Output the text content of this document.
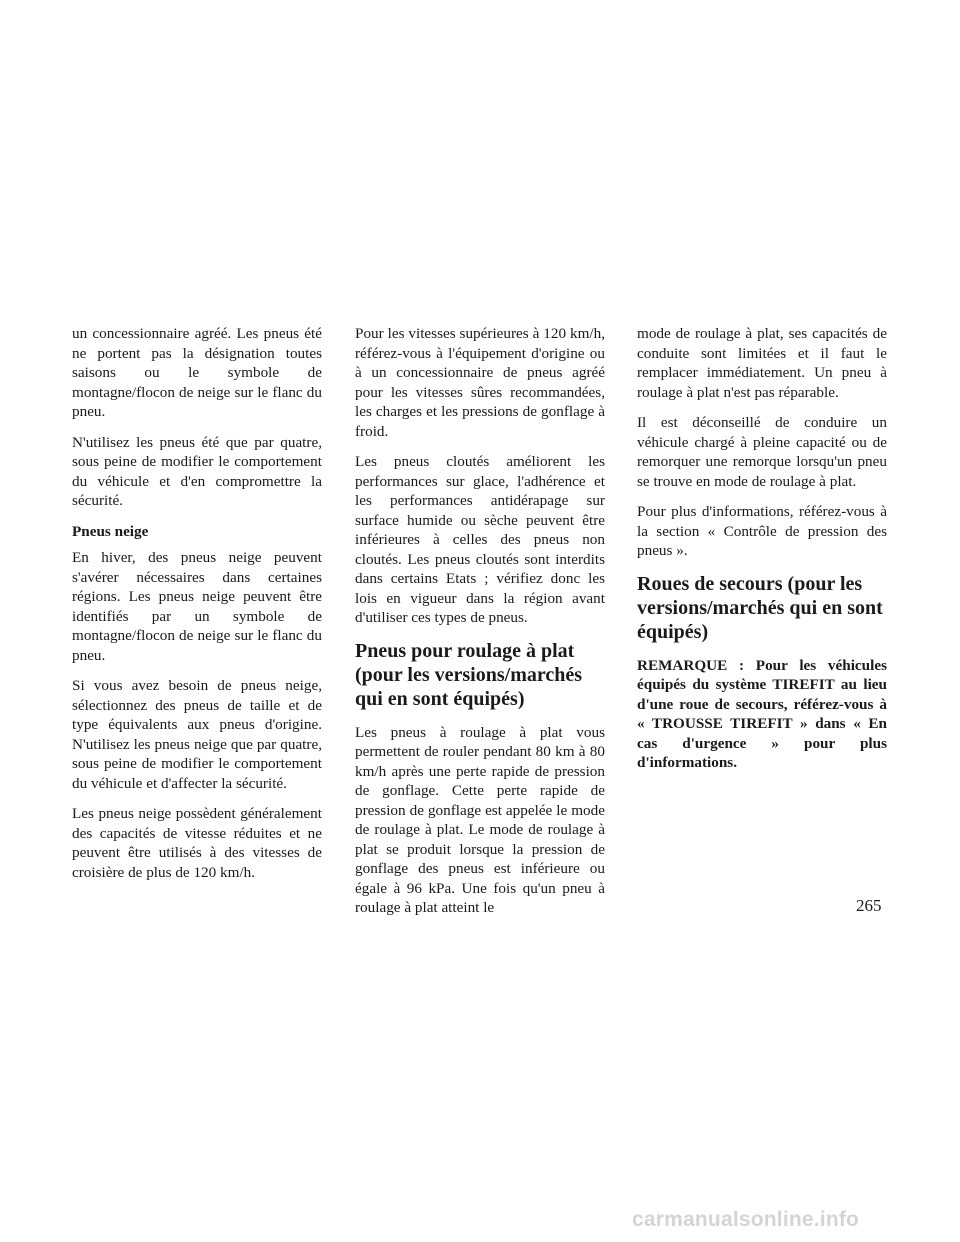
un concessionnaire agréé. Les pneus été ne portent pas la désignation toutes saisons ou le symbole de montagne/flocon de neige sur le flanc du pneu.

N'utilisez les pneus été que par quatre, sous peine de modifier le comportement du véhicule et d'en compromettre la sécurité.

Pneus neige

En hiver, des pneus neige peuvent s'avérer nécessaires dans certaines régions. Les pneus neige peuvent être identifiés par un symbole de montagne/flocon de neige sur le flanc du pneu.

Si vous avez besoin de pneus neige, sélectionnez des pneus de taille et de type équivalents aux pneus d'origine. N'utilisez les pneus neige que par quatre, sous peine de modifier le comportement du véhicule et d'affecter la sécurité.

Les pneus neige possèdent généralement des capacités de vitesse réduites et ne peuvent être utilisés à des vitesses de croisière de plus de 120 km/h.

Pour les vitesses supérieures à 120 km/h, référez-vous à l'équipement d'origine ou à un concessionnaire de pneus agréé pour les vitesses sûres recommandées, les charges et les pressions de gonflage à froid.

Les pneus cloutés améliorent les performances sur glace, l'adhérence et les performances antidérapage sur surface humide ou sèche peuvent être inférieures à celles des pneus non cloutés. Les pneus cloutés sont interdits dans certains Etats ; vérifiez donc les lois en vigueur dans la région avant d'utiliser ces types de pneus.

Pneus pour roulage à plat (pour les versions/marchés qui en sont équipés)

Les pneus à roulage à plat vous permettent de rouler pendant 80 km à 80 km/h après une perte rapide de pression de gonflage. Cette perte rapide de pression de gonflage est appelée le mode de roulage à plat. Le mode de roulage à plat se produit lorsque la pression de gonflage des pneus est inférieure ou égale à 96 kPa. Une fois qu'un pneu à roulage à plat atteint le

mode de roulage à plat, ses capacités de conduite sont limitées et il faut le remplacer immédiatement. Un pneu à roulage à plat n'est pas réparable.

Il est déconseillé de conduire un véhicule chargé à pleine capacité ou de remorquer une remorque lorsqu'un pneu se trouve en mode de roulage à plat.

Pour plus d'informations, référez-vous à la section « Contrôle de pression des pneus ».

Roues de secours (pour les versions/marchés qui en sont équipés)

REMARQUE : Pour les véhicules équipés du système TIREFIT au lieu d'une roue de secours, référez-vous à « TROUSSE TIREFIT » dans « En cas d'urgence » pour plus d'informations.

265
carmanualsonline.info
